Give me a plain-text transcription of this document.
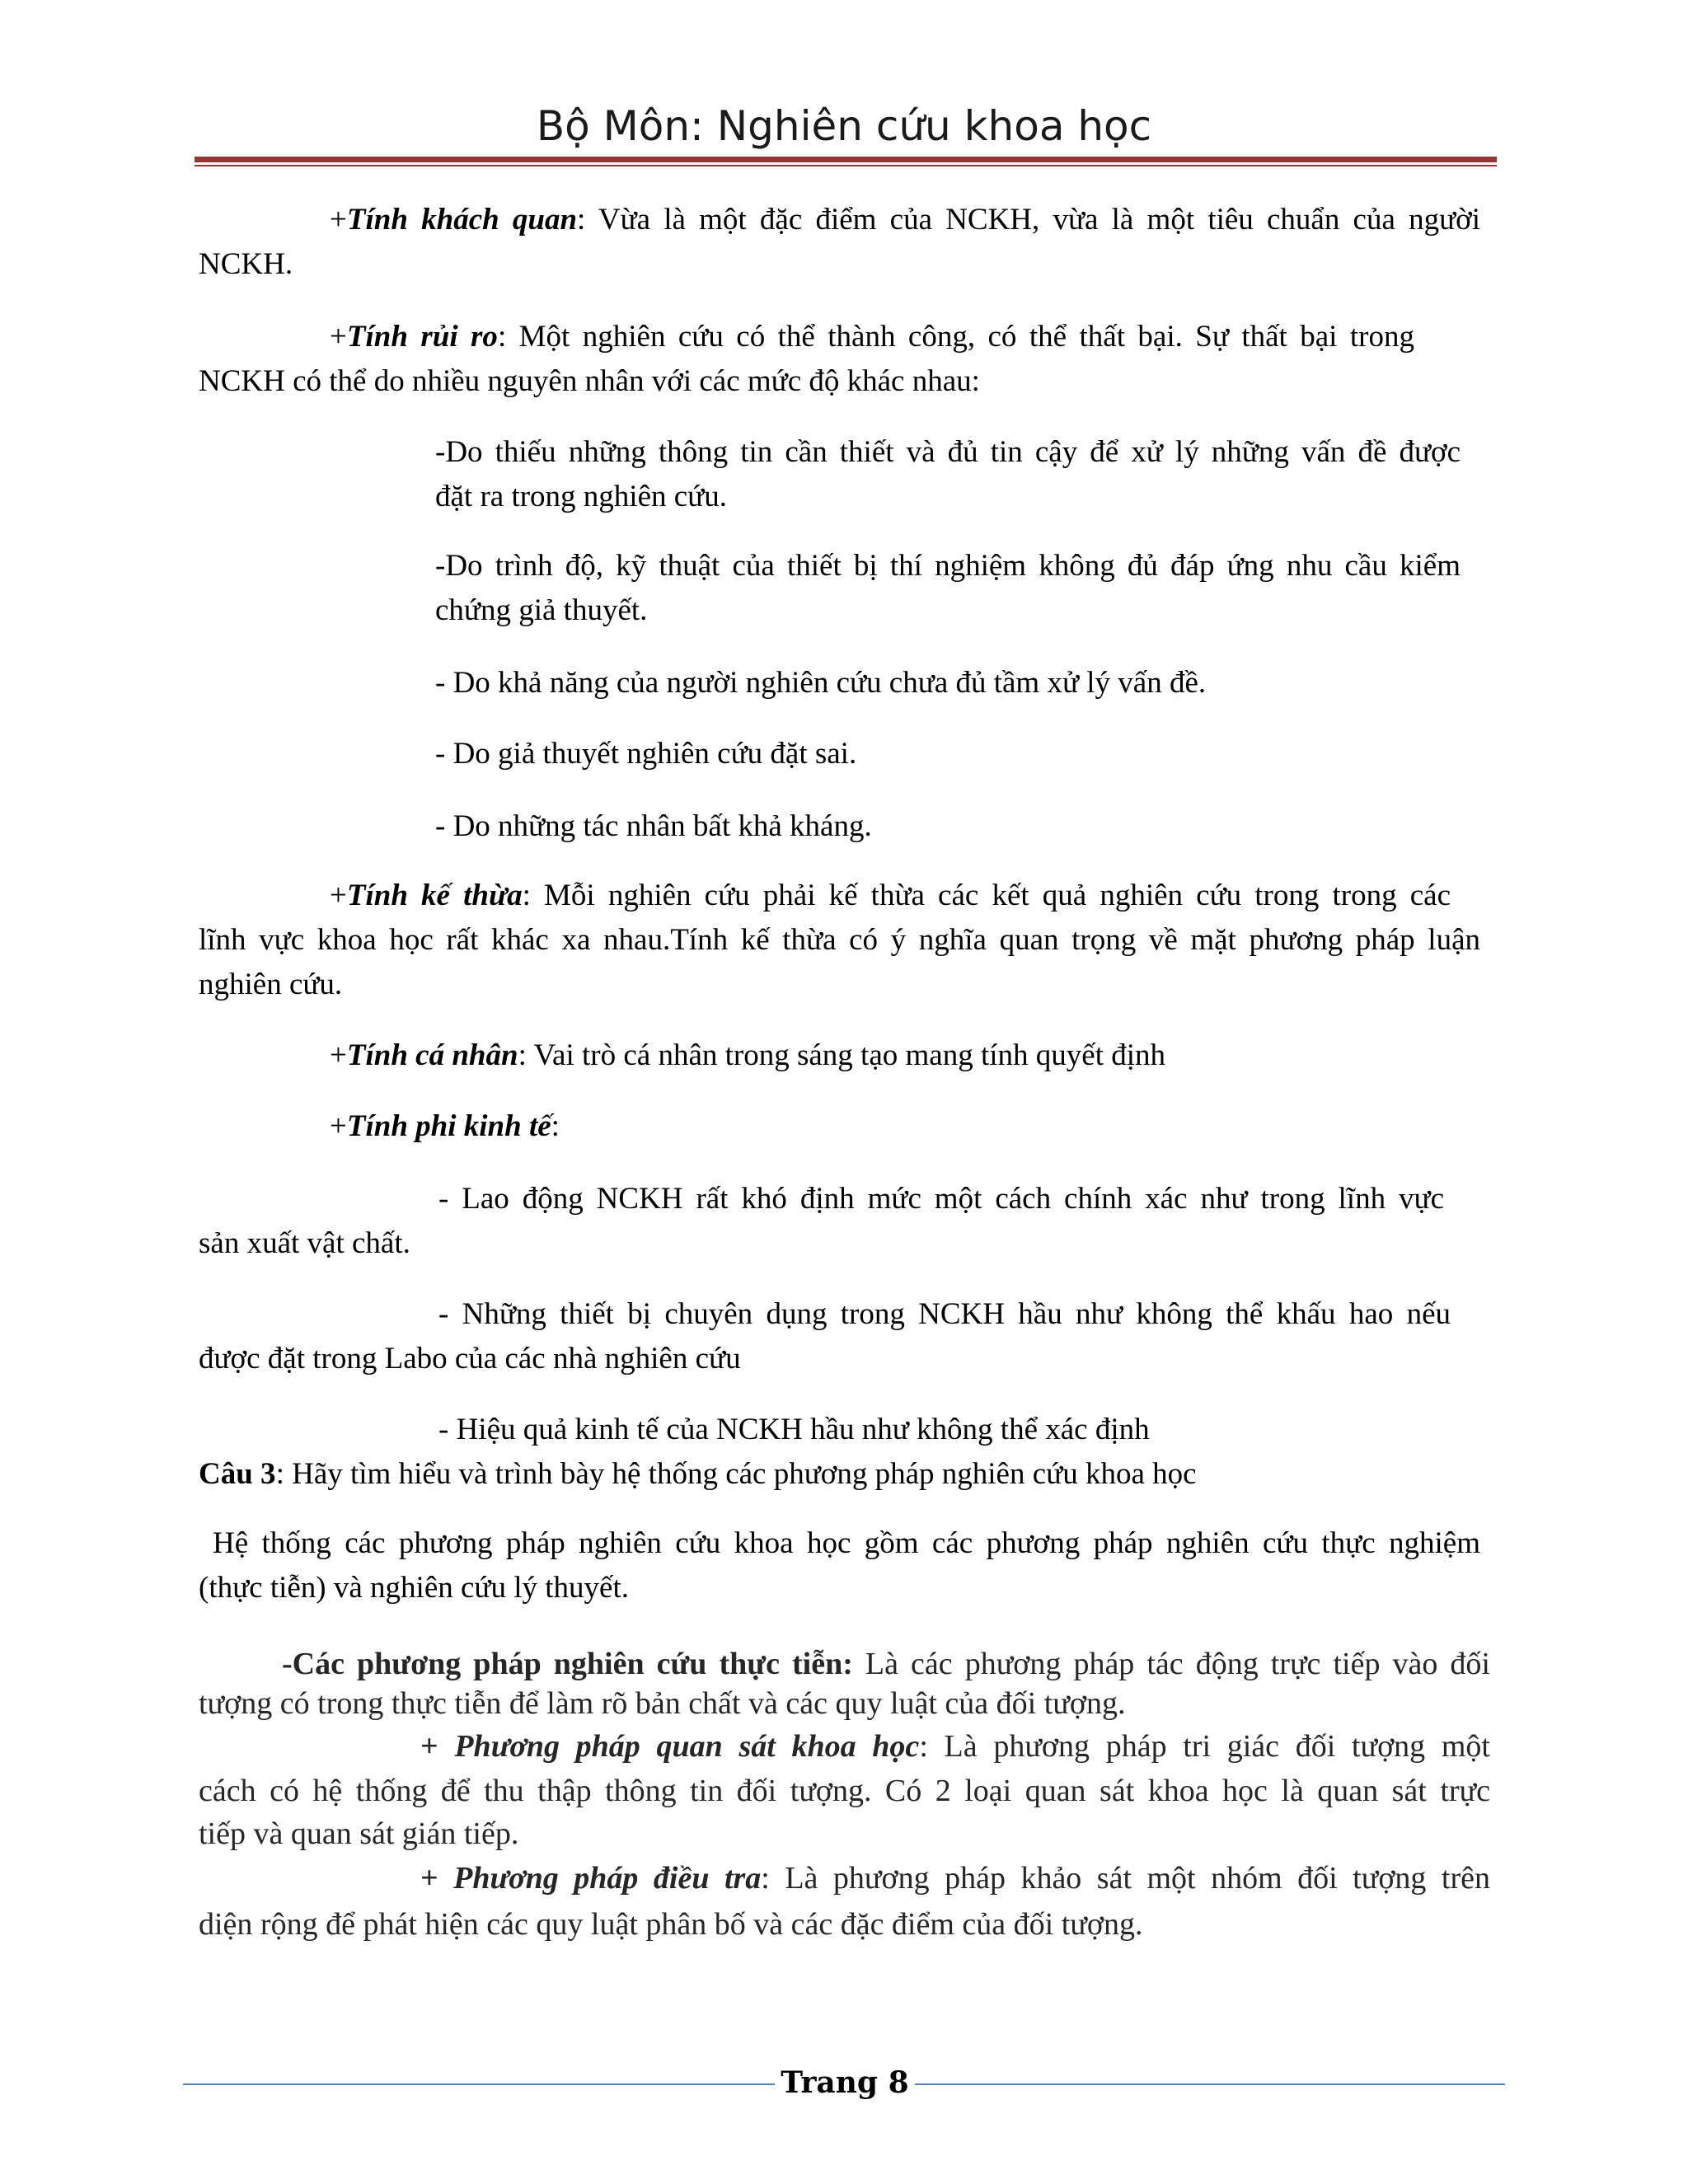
Bộ Môn: Nghiên cứu khoa học

+Tính khách quan: Vừa là một đặc điểm của NCKH, vừa là một tiêu chuẩn của người

NCKH.

+Tính rủi ro: Một nghiên cứu có thể thành công, có thể thất bại. Sự thất bại trong

NCKH có thể do nhiều nguyên nhân với các mức độ khác nhau:

-Do thiếu những thông tin cần thiết và đủ tin cậy để xử lý những vấn đề được

đặt ra trong nghiên cứu.

-Do trình độ, kỹ thuật của thiết bị thí nghiệm không đủ đáp ứng nhu cầu kiểm

chứng giả thuyết.

- Do khả năng của người nghiên cứu chưa đủ tầm xử lý vấn đề.

- Do giả thuyết nghiên cứu đặt sai.

- Do những tác nhân bất khả kháng.

+Tính kế thừa: Mỗi nghiên cứu phải kế thừa các kết quả nghiên cứu trong trong các

lĩnh vực khoa học rất khác xa nhau.Tính kế thừa có ý nghĩa quan trọng về mặt phương pháp luận

nghiên cứu.

+Tính cá nhân: Vai trò cá nhân trong sáng tạo mang tính quyết định

+Tính phi kinh tế:

- Lao động NCKH rất khó định mức một cách chính xác như trong lĩnh vực

sản xuất vật chất.

- Những thiết bị chuyên dụng trong NCKH hầu như không thể khấu hao nếu

được đặt trong Labo của các nhà nghiên cứu

- Hiệu quả kinh tế của NCKH hầu như không thể xác định

Câu 3: Hãy tìm hiểu và trình bày hệ thống các phương pháp nghiên cứu khoa học

Hệ thống các phương pháp nghiên cứu khoa học gồm các phương pháp nghiên cứu thực nghiệm

(thực tiễn) và nghiên cứu lý thuyết.

-Các phương pháp nghiên cứu thực tiễn: Là các phương pháp tác động trực tiếp vào đối

tượng có trong thực tiễn để làm rõ bản chất và các quy luật của đối tượng.

+ Phương pháp quan sát khoa học: Là phương pháp tri giác đối tượng một

cách có hệ thống để thu thập thông tin đối tượng. Có 2 loại quan sát khoa học là quan sát trực

tiếp và quan sát gián tiếp.

+ Phương pháp điều tra: Là phương pháp khảo sát một nhóm đối tượng trên

diện rộng để phát hiện các quy luật phân bố và các đặc điểm của đối tượng.

Trang 8
